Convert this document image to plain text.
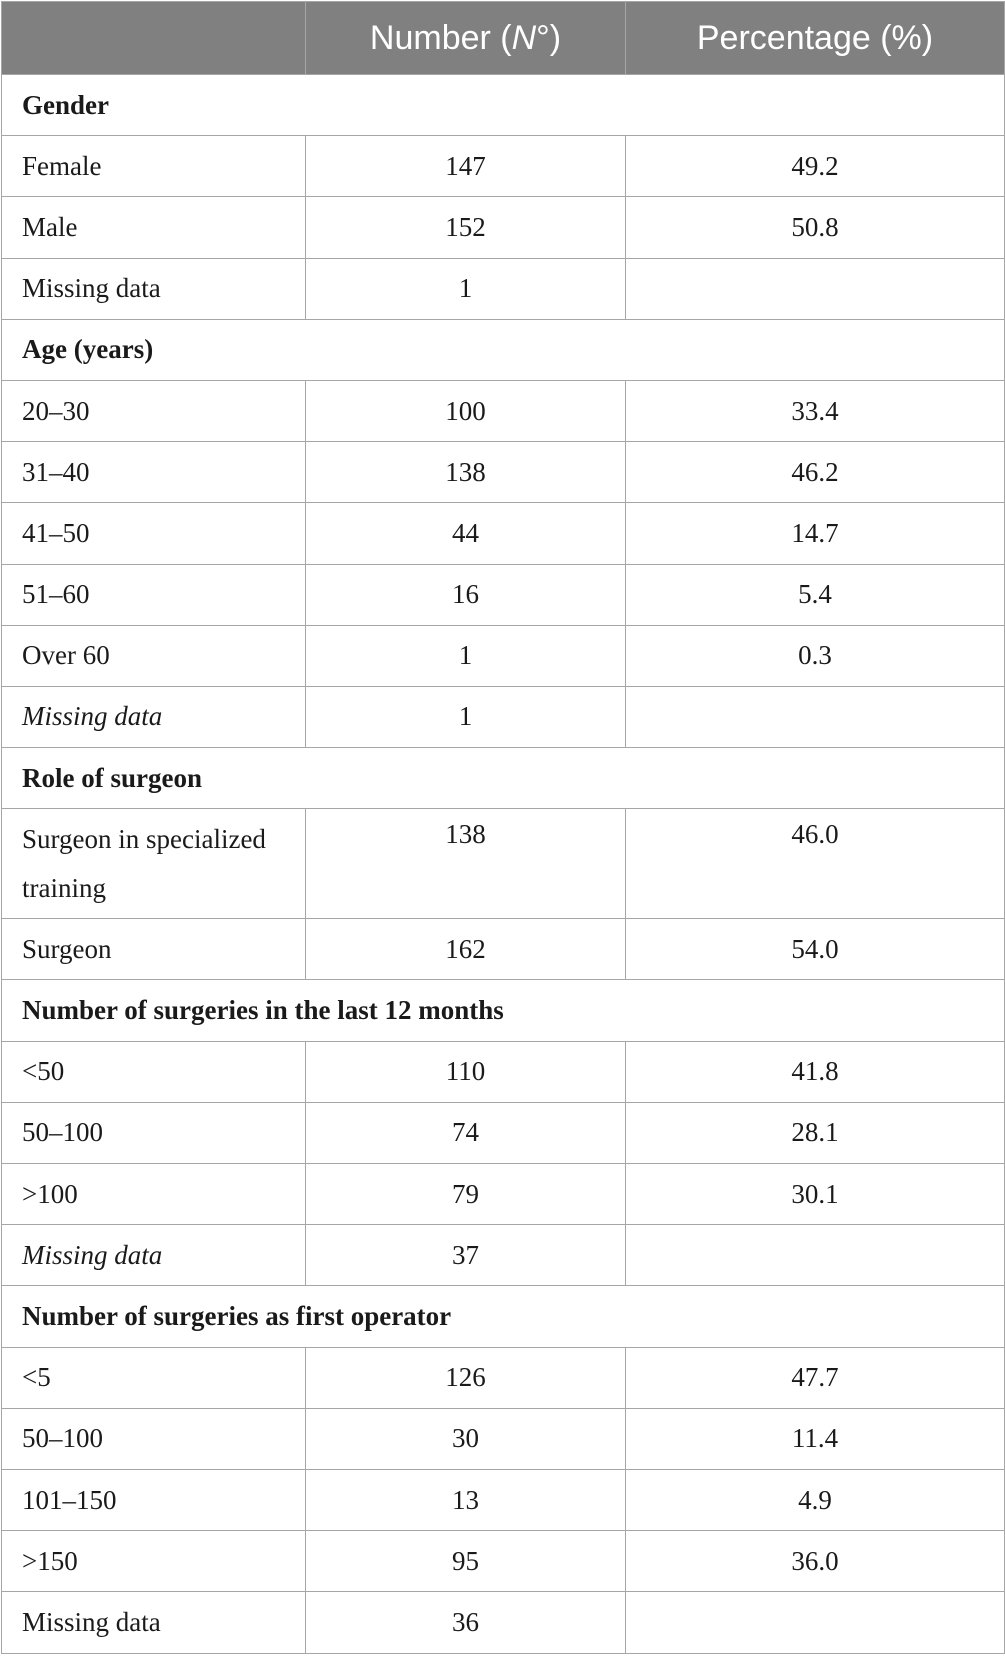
	Number (N°)	Percentage (%)
Gender		
Female	147	49.2
Male	152	50.8
Missing data	1	
Age (years)		
20–30	100	33.4
31–40	138	46.2
41–50	44	14.7
51–60	16	5.4
Over 60	1	0.3
Missing data	1	
Role of surgeon		

Surgeon in specialized training	138	46.0
Surgeon	162	54.0
Number of surgeries in the last 12 months		
<50	110	41.8
50–100	74	28.1
>100	79	30.1
Missing data	37	
Number of surgeries as first operator		
<5	126	47.7
50–100	30	11.4
101–150	13	4.9
>150	95	36.0
Missing data	36	
